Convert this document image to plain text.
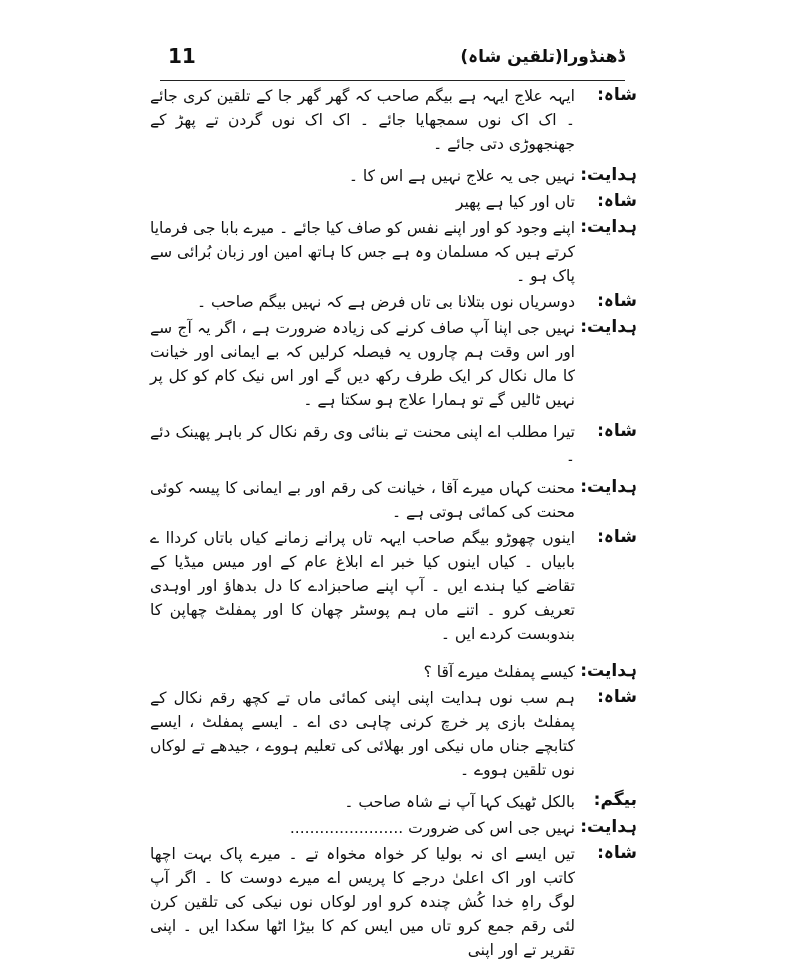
11	ڈھنڈورا(تلقین شاہ)
شاہ:
ایہہ علاج ایہہ ہے بیگم صاحب کہ گھر گھر جا کے تلقین کری جائے ۔ اک اک نوں سمجھایا جائے ۔ اک اک نوں گردن تے پھڑ کے جھنجھوڑی دتی جائے ۔
ہدایت:
نہیں جی یہ علاج نہیں ہے اس کا ۔
شاہ:
تاں اور کیا ہے پھیر
ہدایت:
اپنے وجود کو اور اپنے نفس کو صاف کیا جائے ۔ میرے بابا جی فرمایا کرتے ہیں کہ مسلمان وہ ہے جس کا ہاتھ امین اور زبان بُرائی سے پاک ہو ۔
شاہ:
دوسریاں نوں بتلانا بی تاں فرض ہے کہ نہیں بیگم صاحب ۔
ہدایت:
نہیں جی اپنا آپ صاف کرنے کی زیادہ ضرورت ہے ، اگر یہ آج سے اور اس وقت ہم چاروں یہ فیصلہ کرلیں کہ بے ایمانی اور خیانت کا مال نکال کر ایک طرف رکھ دیں گے اور اس نیک کام کو کل پر نہیں ٹالیں گے تو ہمارا علاج ہو سکتا ہے ۔
شاہ:
تیرا مطلب اے اپنی محنت تے بنائی وی رقم نکال کر باہر پھینک دئے ۔
ہدایت:
محنت کہاں میرے آقا ، خیانت کی رقم اور بے ایمانی کا پیسہ کوئی محنت کی کمائی ہوتی ہے ۔
شاہ:
اینوں چھوڑو بیگم صاحب ایہہ تاں پرانے زمانے کیاں باتاں کرداا ے بابیاں ۔ کیاں اینوں کیا خبر اے ابلاغ عام کے اور میس میڈیا کے تقاضے کیا ہندے ایں ۔ آپ اپنے صاحبزادے کا دل بدھاؤ اور اوہدی تعریف کرو ۔ اتنے ماں ہم پوسٹر چھان کا اور پمفلٹ چھاپن کا بندوبست کردے ایں ۔
ہدایت:
کیسے پمفلٹ میرے آقا ؟
شاہ:
ہم سب نوں ہدایت اپنی اپنی کمائی ماں تے کچھ رقم نکال کے پمفلٹ بازی پر خرچ کرنی چاہی دی اے ۔ ایسے پمفلٹ ، ایسے کتابچے جناں ماں نیکی اور بھلائی کی تعلیم ہووے ، جیدھے تے لوکاں نوں تلقین ہووے ۔
بیگم:
بالکل ٹھیک کہا آپ نے شاہ صاحب ۔
ہدایت:
نہیں جی اس کی ضرورت .......................
شاہ:
تیں ایسے ای نہ بولیا کر خواہ مخواہ تے ۔ میرے پاک بہت اچھا کاتب اور اک اعلیٰ درجے کا پریس اے میرے دوست کا ۔ اگر آپ لوگ راہِ خدا کُش چندہ کرو اور لوکاں نوں نیکی کی تلقین کرن لئی رقم جمع کرو تاں میں ایس کم کا بیڑا اٹھا سکدا ایں ۔ اپنی تقریر تے اور اپنی
